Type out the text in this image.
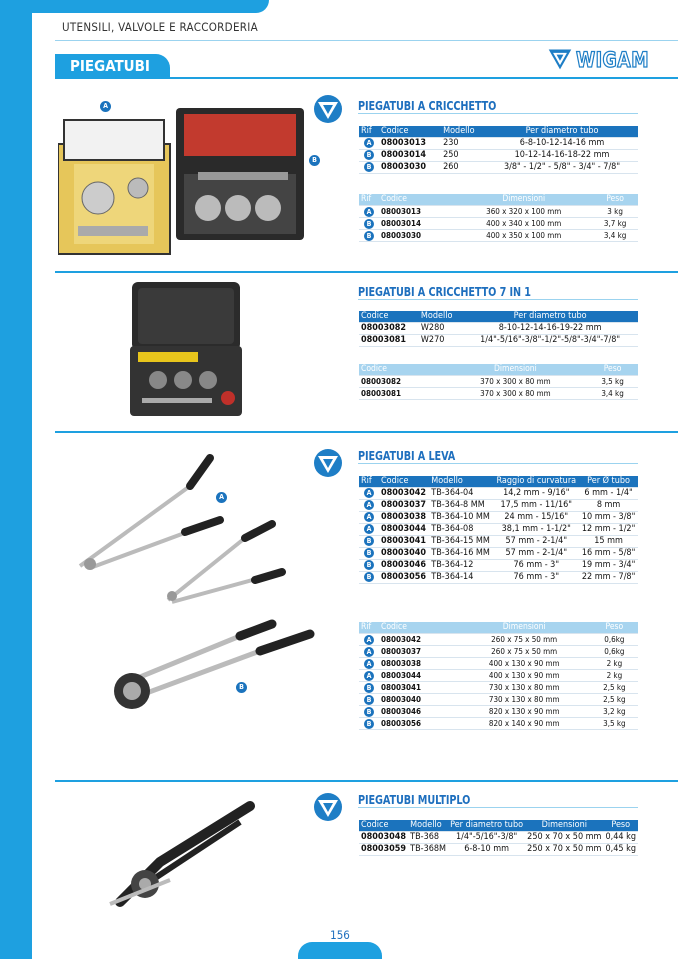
UTENSILI, VALVOLE E RACCORDERIA
PIEGATUBI	WIGAM
PIEGATUBI A CRICCHETTO
A
B
Rif	Codice	Modello	Per diametro tubo
A	08003013	230	6-8-10-12-14-16 mm
B	08003014	250	10-12-14-16-18-22 mm
B	08003030	260	3/8" - 1/2" - 5/8" - 3/4" - 7/8"
Rif	Codice	Dimensioni	Peso
A	08003013	360 x 320 x 100 mm	3 kg
B	08003014	400 x 340 x 100 mm	3,7 kg
B	08003030	400 x 350 x 100 mm	3,4 kg
PIEGATUBI A CRICCHETTO 7 IN 1
Codice	Modello	Per diametro tubo
08003082	W280	8-10-12-14-16-19-22 mm
08003081	W270	1/4"-5/16"-3/8"-1/2"-5/8"-3/4"-7/8"
Codice	Dimensioni	Peso
08003082	370 x 300 x 80 mm	3,5 kg
08003081	370 x 300 x 80 mm	3,4 kg
PIEGATUBI A LEVA
A
B
Rif	Codice	Modello	Raggio di curvatura	Per Ø tubo
A	08003042	TB-364-04	14,2 mm - 9/16"	6 mm - 1/4"
A	08003037	TB-364-8 MM	17,5 mm - 11/16"	8 mm
A	08003038	TB-364-10 MM	24 mm - 15/16"	10 mm - 3/8"
A	08003044	TB-364-08	38,1 mm - 1-1/2"	12 mm - 1/2"
B	08003041	TB-364-15 MM	57 mm - 2-1/4"	15 mm
B	08003040	TB-364-16 MM	57 mm - 2-1/4"	16 mm - 5/8"
B	08003046	TB-364-12	76 mm - 3"	19 mm - 3/4"
B	08003056	TB-364-14	76 mm - 3"	22 mm - 7/8"
Rif	Codice	Dimensioni	Peso
A	08003042	260 x 75 x 50 mm	0,6kg
A	08003037	260 x 75 x 50 mm	0,6kg
A	08003038	400 x 130 x 90 mm	2 kg
A	08003044	400 x 130 x 90 mm	2 kg
B	08003041	730 x 130 x 80 mm	2,5 kg
B	08003040	730 x 130 x 80 mm	2,5 kg
B	08003046	820 x 130 x 90 mm	3,2 kg
B	08003056	820 x 140 x 90 mm	3,5 kg
PIEGATUBI MULTIPLO
Codice	Modello	Per diametro tubo	Dimensioni	Peso
08003048	TB-368	1/4"-5/16"-3/8"	250 x 70 x 50 mm	0,44 kg
08003059	TB-368M	6-8-10 mm	250 x 70 x 50 mm	0,45 kg
156
